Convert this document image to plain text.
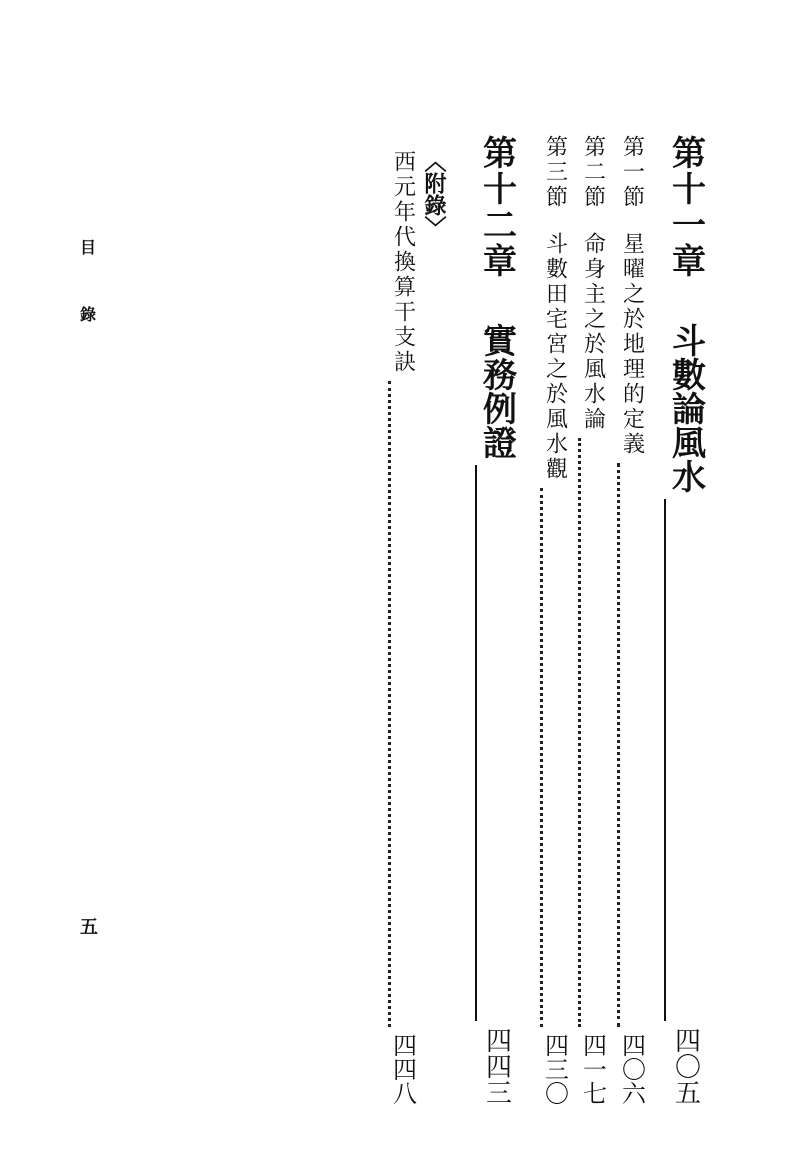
第十一章
斗數論風水
四〇五
第一節
星曜之於地理的定義
四〇六
第二節
命身主之於風水論
四一七
第三節
斗數田宅宮之於風水觀
四三〇
第十二章
實務例證
四四三
〈附錄〉
西元年代換算干支訣
四四八
目
錄
五
